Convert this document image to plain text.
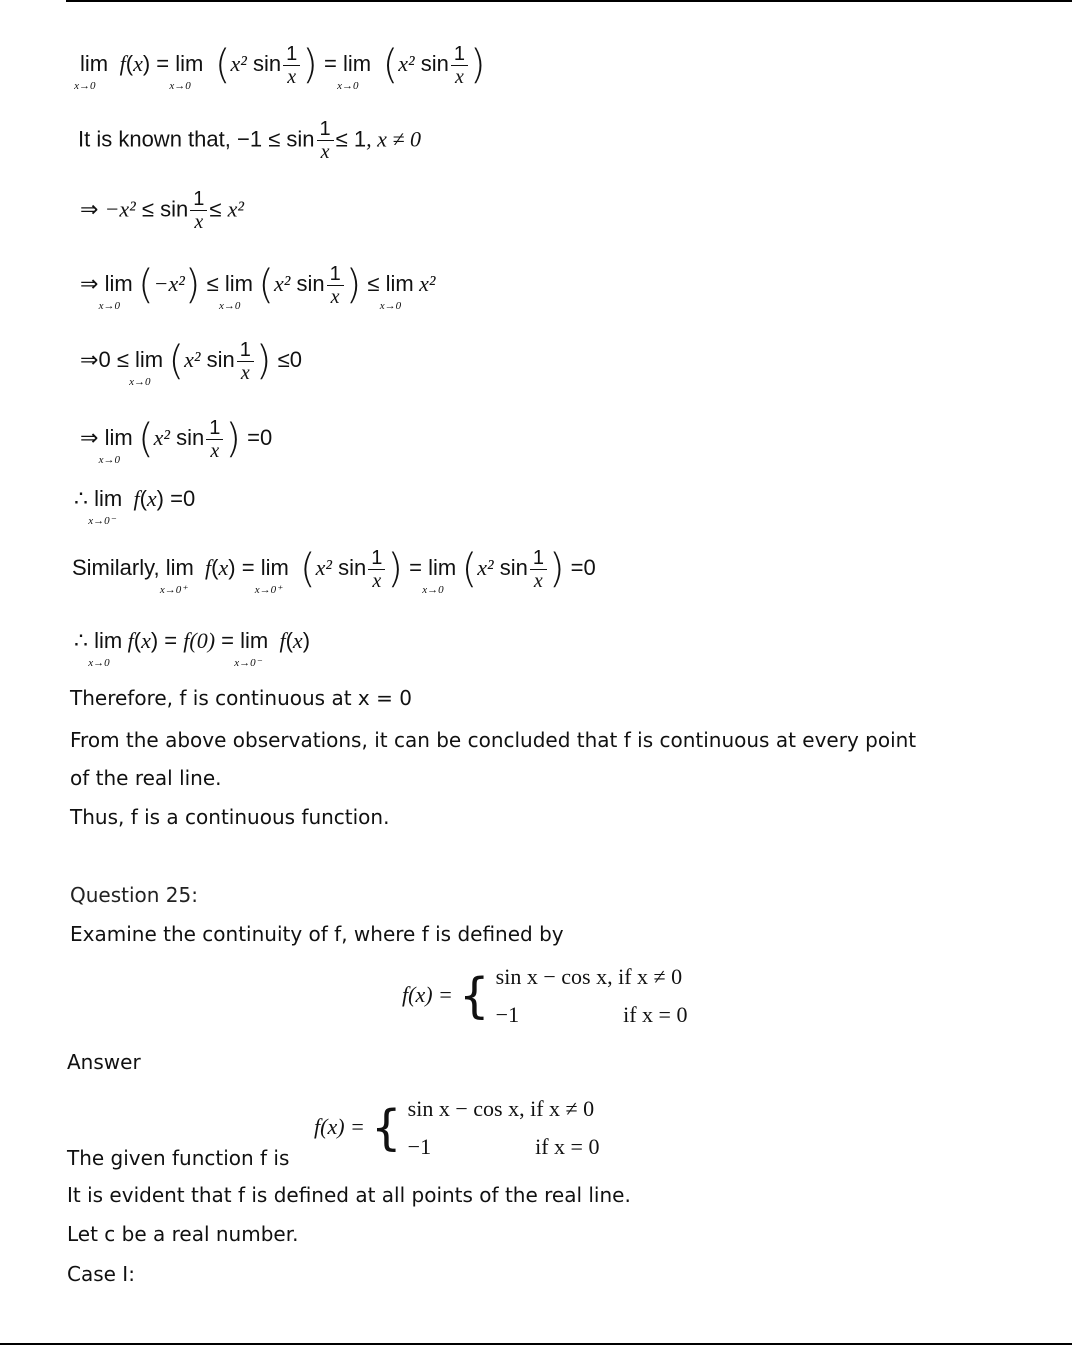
$\lim_{x\to 0} f(x) = \lim_{x\to 0} (x^2$ $\sin \frac{1}{x}$ ) = $\lim_{x\to 0} (x^2$ $\sin \frac{1}{x}$ )
It is known that, $-1 \le \sin \frac{1}{x} \le 1$, x ≠ 0
⇒ $-x^2 \le \sin \frac{1}{x} \le x^2$
⇒ $\lim_{x\to 0} (-x^2) \le \lim_{x\to 0} (x^2$ $\sin \frac{1}{x}$ ) ≤ $\lim_{x\to 0}x^2$
⇒0 ≤ $\lim_{x\to 0} (x^2$ $\sin \frac{1}{x}$ ) ≤0
⇒ $\lim_{x\to 0} (x^2$ $\sin \frac{1}{x}$ ) =0
∴ $\lim_{x\to 0^-}f(x) =0$
Similarly, $\lim_{x\to 0^+}f(x) = \lim_{x\to 0^+} (x^2$ $\sin \frac{1}{x}$ ) = $\lim_{x\to 0} (x^2$ $\sin \frac{1}{x}$ ) =0
∴ $\lim_{x\to 0}f(x) = f(0) = \lim_{x\to 0^-}f(x)$
Therefore, f is continuous at x = 0
From the above observations, it can be concluded that f is continuous at every point
of the real line.
Thus, f is a continuous function.
Question 25:
Examine the continuity of f, where f is defined by
f(x) = { sin x − cos x, if x ≠ 0
−1	if x = 0
Answer
f(x) = { sin x − cos x, if x ≠ 0
−1	if x = 0
The given function f is
It is evident that f is defined at all points of the real line.
Let c be a real number.
Case I:
